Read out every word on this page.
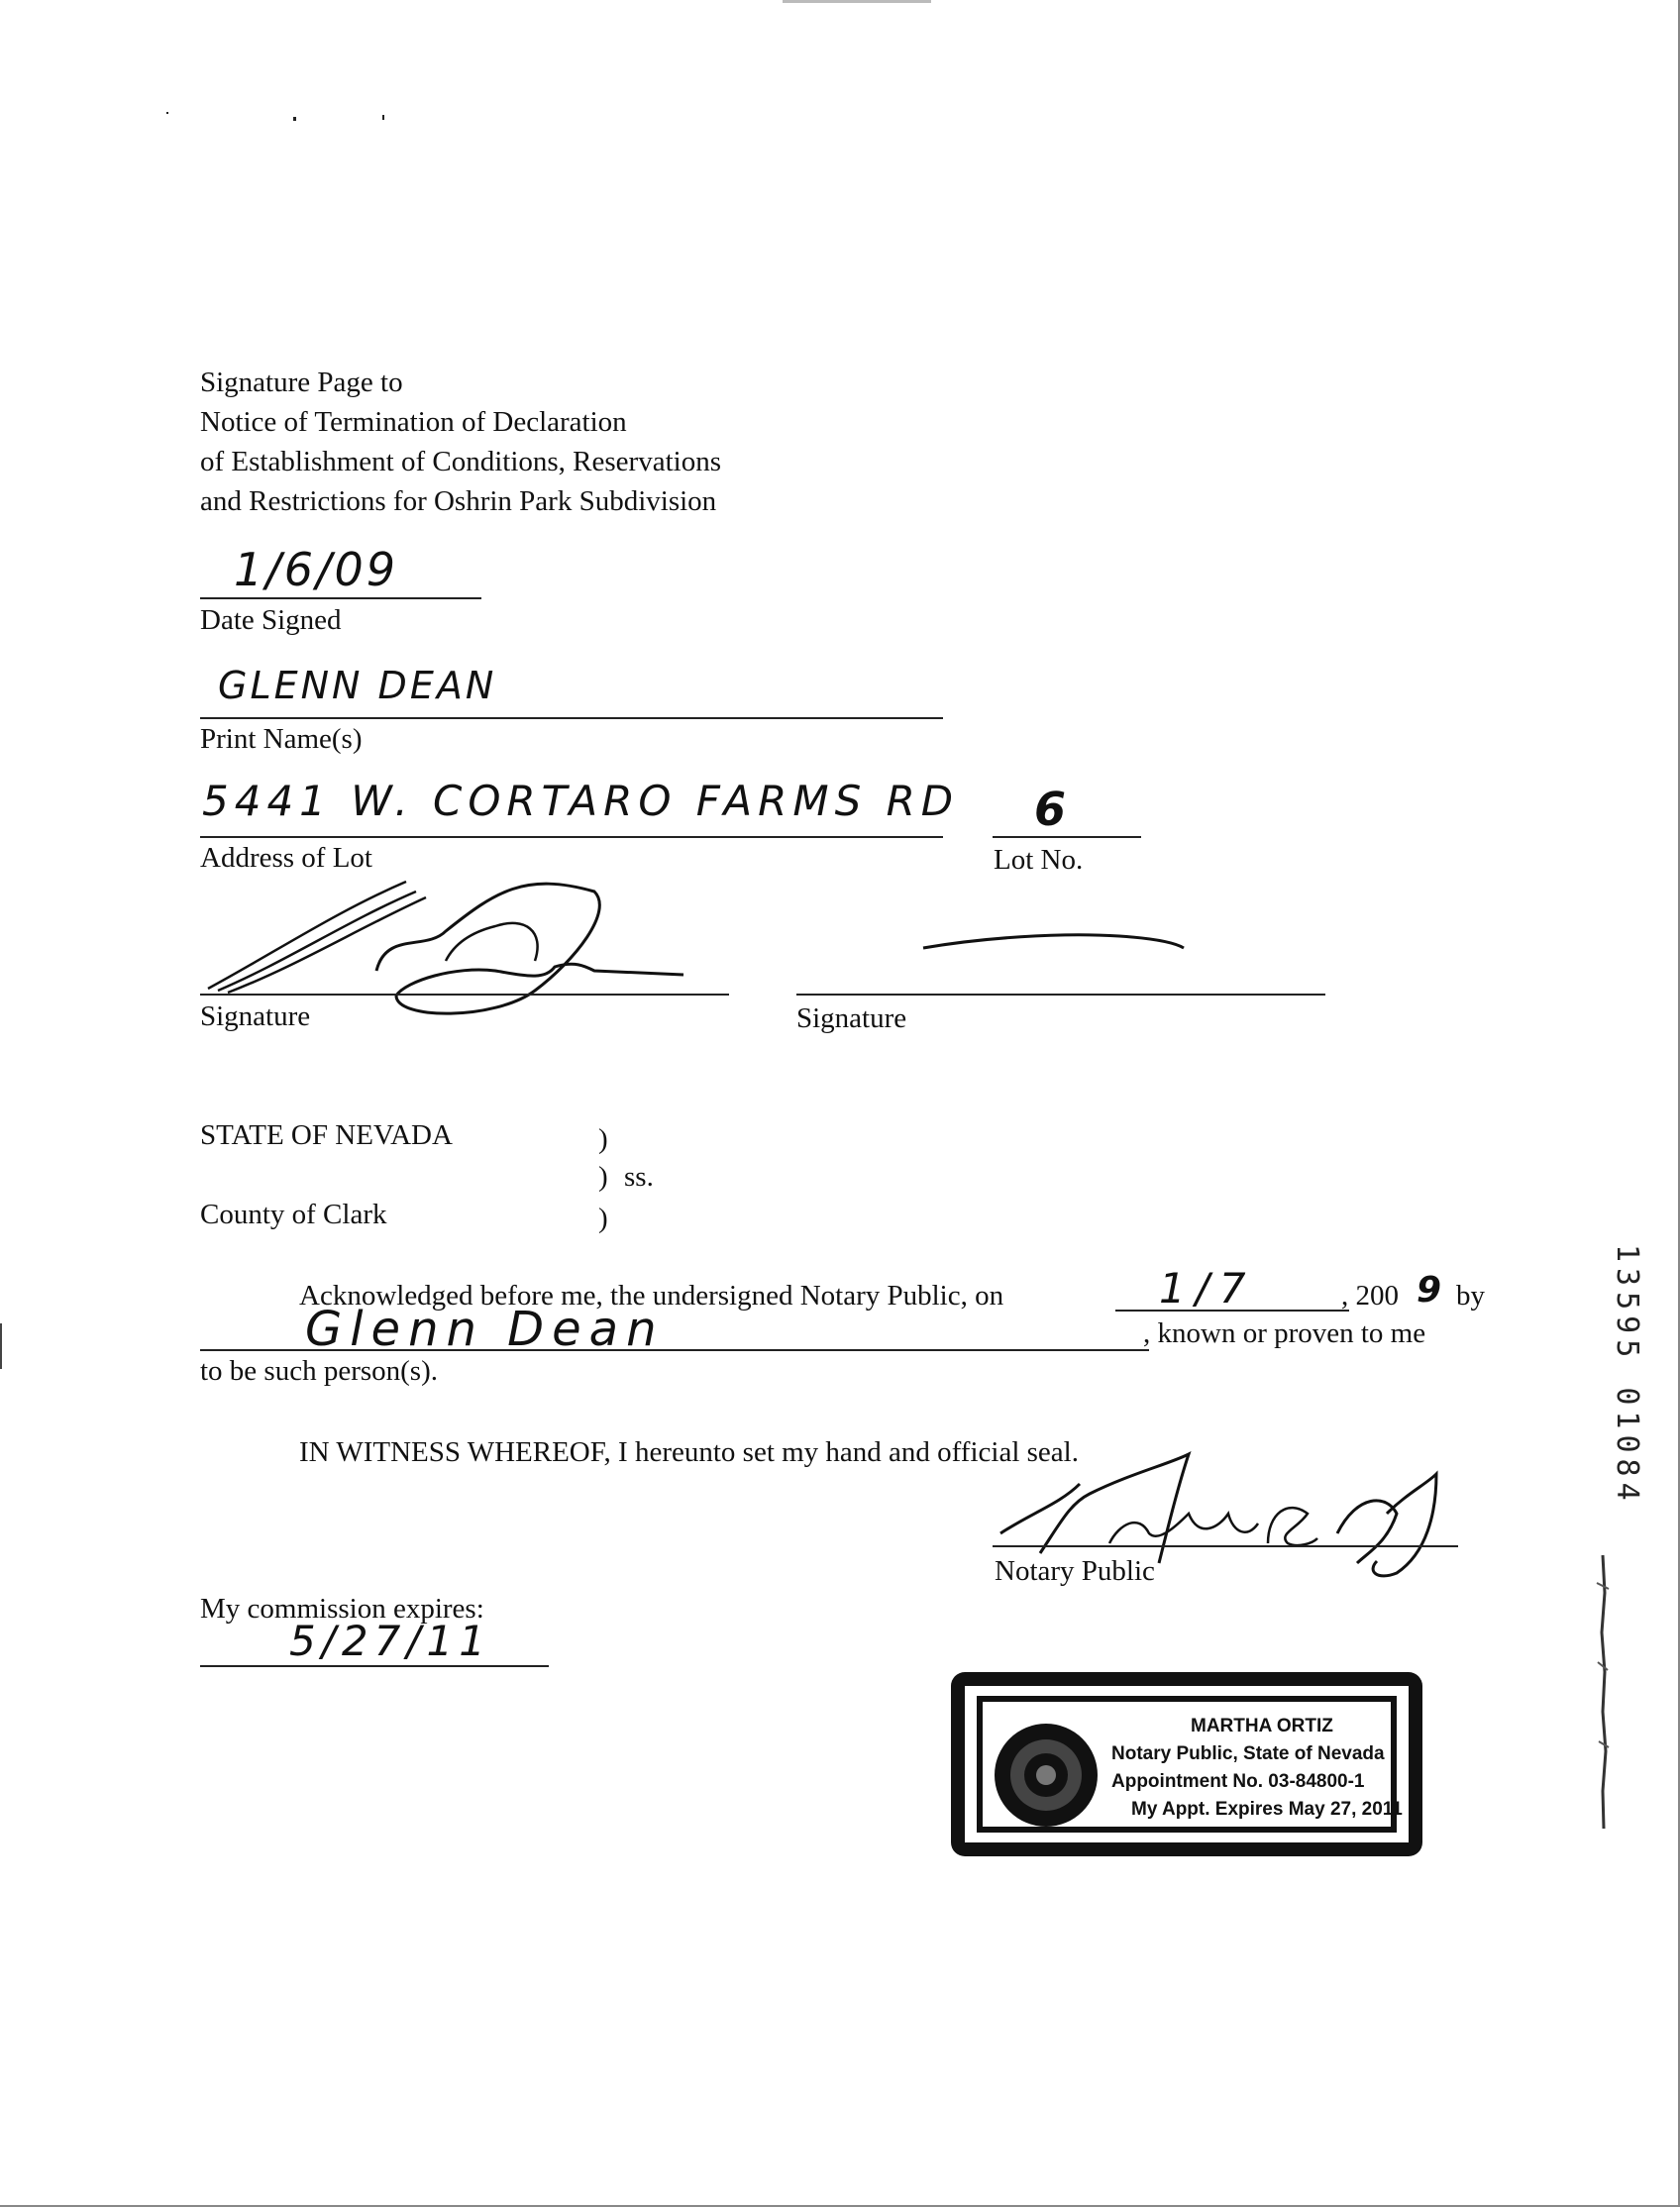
Signature Page to
Notice of Termination of Declaration
of Establishment of Conditions, Reservations
and Restrictions for Oshrin Park Subdivision
1/6/09
Date Signed
GLENN DEAN
Print Name(s)
5441 W. CORTARO FARMS RD
Address of Lot
6
Lot No.
Signature	Signature
STATE OF NEVADA	)
) ss.
County of Clark	)
Acknowledged before me, the undersigned Notary Public, on	1/7	, 200 9 by
Glenn Dean	, known or proven to me
to be such person(s).
IN WITNESS WHEREOF, I hereunto set my hand and official seal.
Notary Public
My commission expires:
5/27/11
MARTHA ORTIZ
Notary Public, State of Nevada
Appointment No. 03-84800-1
My Appt. Expires May 27, 2011
13595 01084
